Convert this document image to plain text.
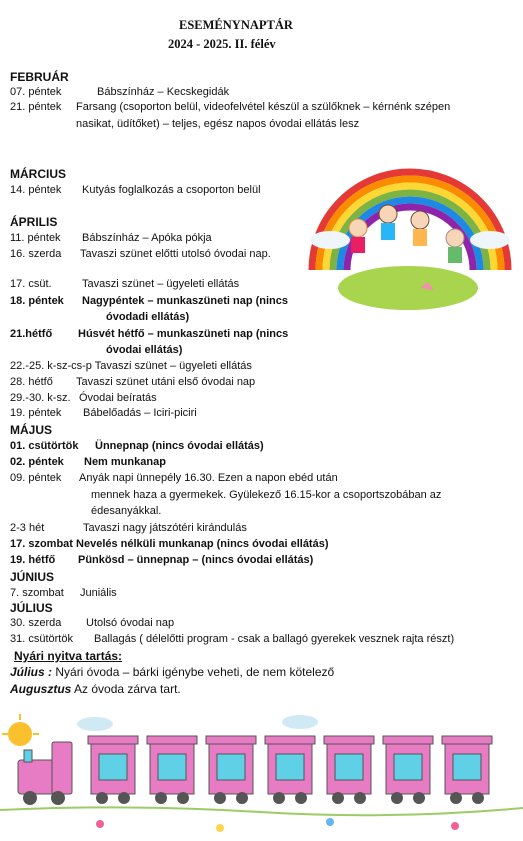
ESEMÉNYNAPTÁR
2024 - 2025. II. félév
FEBRUÁR
07. péntek	Bábszínház – Kecskegidák
21. péntek Farsang (csoporton belül, videofelvétel készül a szülőknek – kérnénk szépen
nasikat, üdítőket) – teljes, egész napos óvodai ellátás lesz
MÁRCIUS
14. péntek Kutyás foglalkozás a csoporton belül
ÁPRILIS
11. péntek Bábszínház – Apóka pókja
16. szerda Tavaszi szünet előtti utolsó óvodai nap.
17. csüt.	Tavaszi szünet – ügyeleti ellátás
18. péntek Nagypéntek – munkaszüneti nap (nincs
óvodadi ellátás)
21.hétfő Húsvét hétfő – munkaszüneti nap (nincs
óvodai ellátás)
22.-25. k-sz-cs-p Tavaszi szünet – ügyeleti ellátás
28. hétfő Tavaszi szünet utáni első óvodai nap
29.-30. k-sz. Óvodai beíratás
19. péntek Bábelőadás – Iciri-piciri
MÁJUS
01. csütörtök Ünnepnap (nincs óvodai ellátás)
02. péntek Nem munkanap
09. péntek Anyák napi ünnepély 16.30. Ezen a napon ebéd után
mennek haza a gyermekek. Gyülekező 16.15-kor a csoportszobában az
édesanyákkal.
2-3 hét	Tavaszi nagy játszótéri kirándulás
17. szombat Nevelés nélküli munkanap (nincs óvodai ellátás)
19. hétfő Pünkösd – ünnepnap – (nincs óvodai ellátás)
JÚNIUS
7. szombat Juniális
JÚLIUS
30. szerda Utolsó óvodai nap
31. csütörtök Ballagás ( délelőtti program - csak a ballagó gyerekek vesznek rajta részt)
Nyári nyitva tartás:
Július : Nyári óvoda – bárki igénybe veheti, de nem kötelező
Augusztus Az óvoda zárva tart.
